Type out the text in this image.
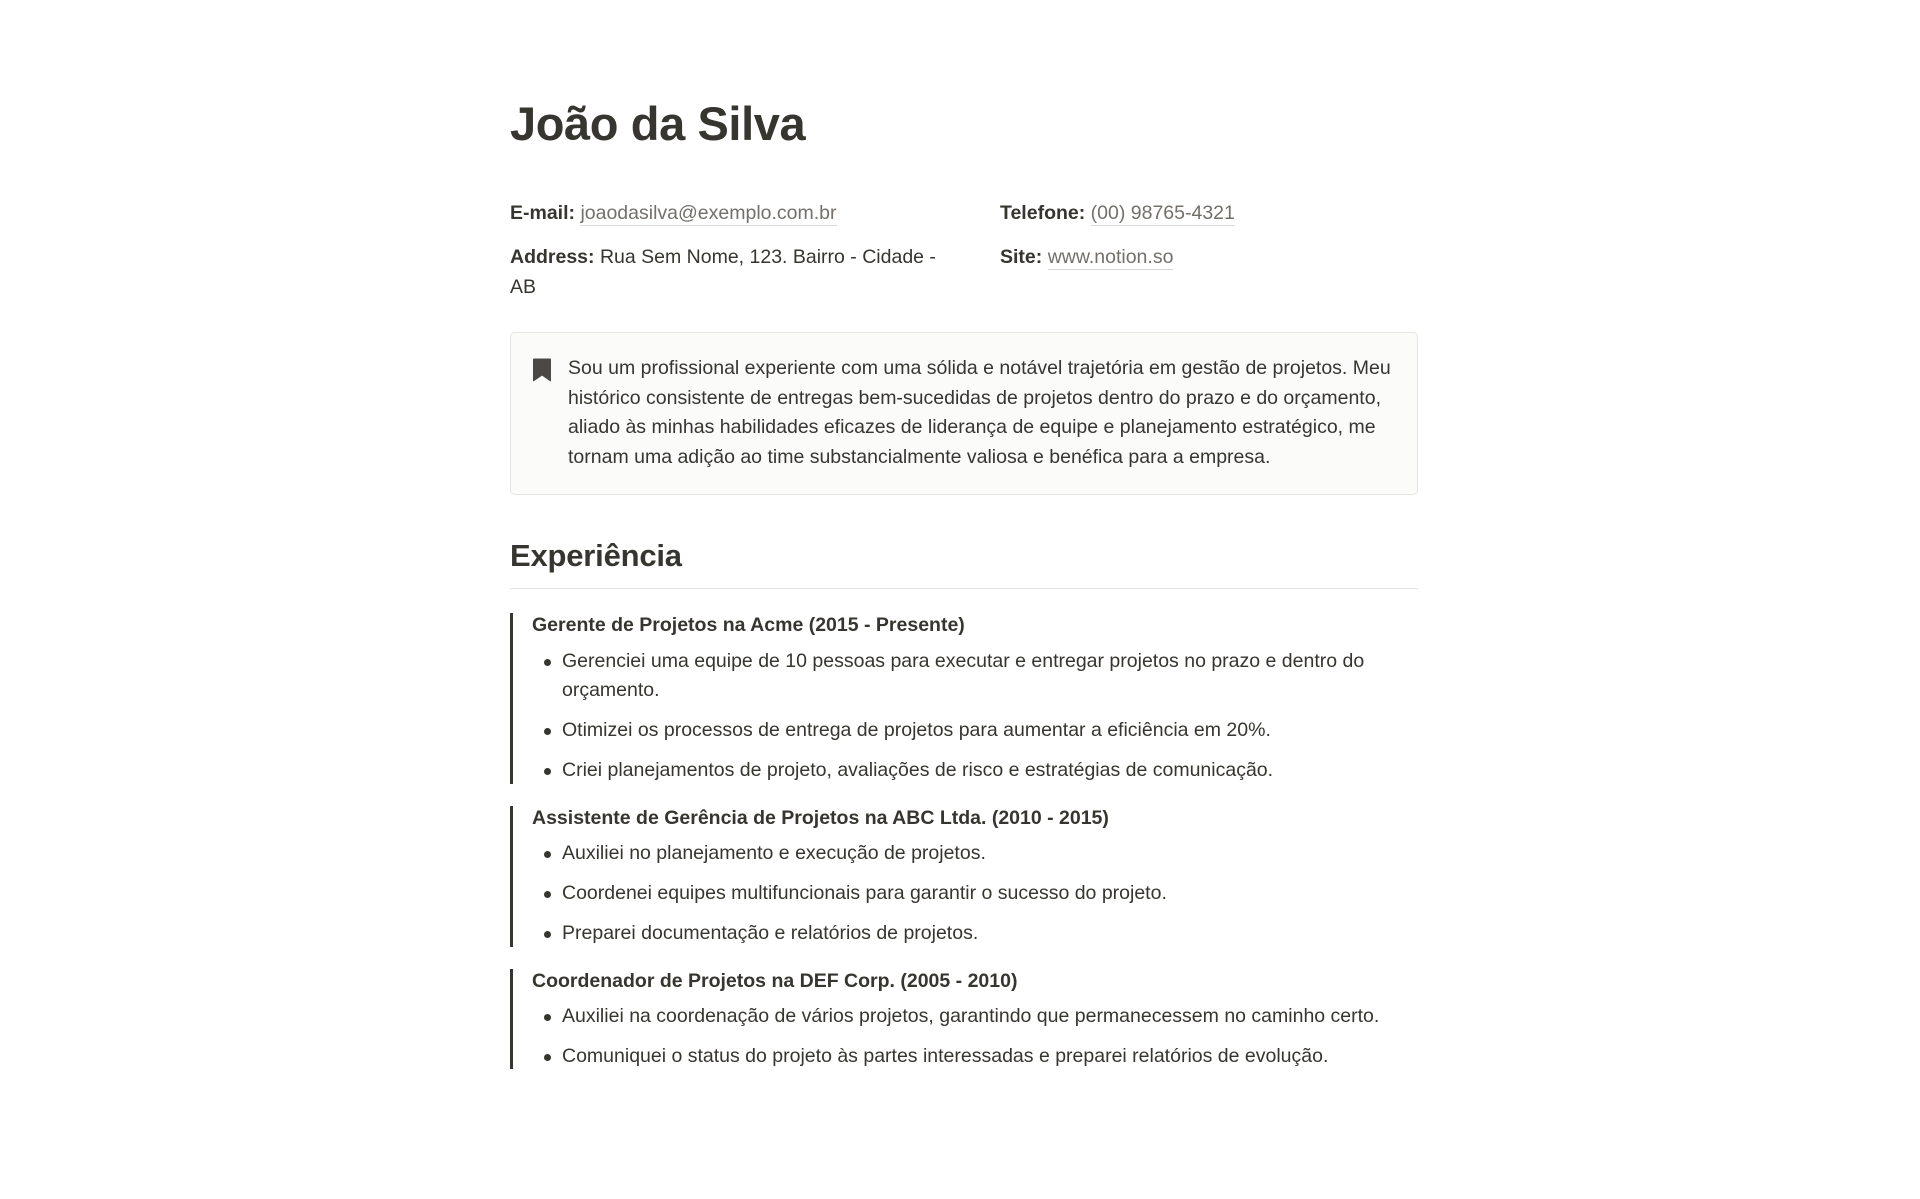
João da Silva
E-mail: joaodasilva@exemplo.com.br
Address: Rua Sem Nome, 123. Bairro - Cidade - AB
Telefone: (00) 98765-4321
Site: www.notion.so

Sou um profissional experiente com uma sólida e notável trajetória em gestão de projetos. Meu histórico consistente de entregas bem-sucedidas de projetos dentro do prazo e do orçamento, aliado às minhas habilidades eficazes de liderança de equipe e planejamento estratégico, me tornam uma adição ao time substancialmente valiosa e benéfica para a empresa.

Experiência
Gerente de Projetos na Acme (2015 - Presente)
Gerenciei uma equipe de 10 pessoas para executar e entregar projetos no prazo e dentro do orçamento.
Otimizei os processos de entrega de projetos para aumentar a eficiência em 20%.
Criei planejamentos de projeto, avaliações de risco e estratégias de comunicação.
Assistente de Gerência de Projetos na ABC Ltda. (2010 - 2015)
Auxiliei no planejamento e execução de projetos.
Coordenei equipes multifuncionais para garantir o sucesso do projeto.
Preparei documentação e relatórios de projetos.
Coordenador de Projetos na DEF Corp. (2005 - 2010)
Auxiliei na coordenação de vários projetos, garantindo que permanecessem no caminho certo.
Comuniquei o status do projeto às partes interessadas e preparei relatórios de evolução.
